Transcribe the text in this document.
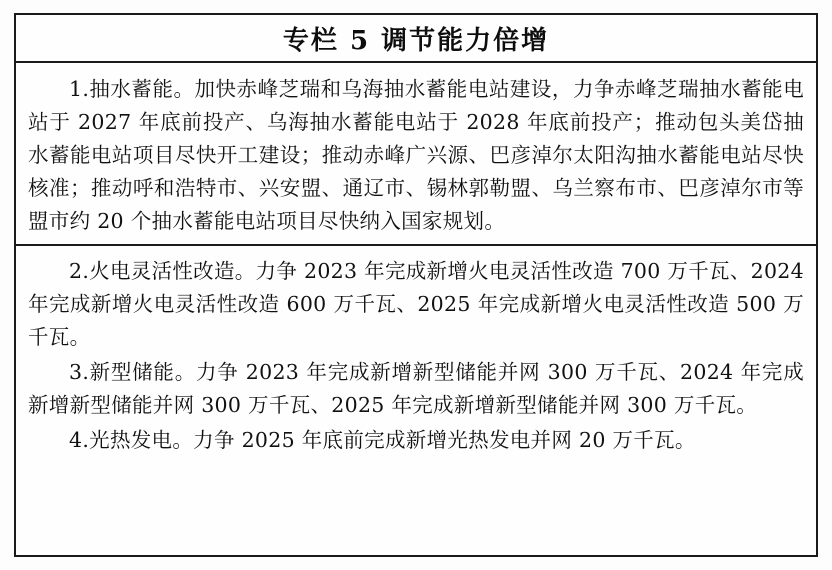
专栏 5 调节能力倍增

1.抽水蓄能。加快赤峰芝瑞和乌海抽水蓄能电站建设，力争赤峰芝瑞抽水蓄能电站于 2027 年底前投产、乌海抽水蓄能电站于 2028 年底前投产；推动包头美岱抽水蓄能电站项目尽快开工建设；推动赤峰广兴源、巴彦淖尔太阳沟抽水蓄能电站尽快核准；推动呼和浩特市、兴安盟、通辽市、锡林郭勒盟、乌兰察布市、巴彦淖尔市等盟市约 20 个抽水蓄能电站项目尽快纳入国家规划。

2.火电灵活性改造。力争 2023 年完成新增火电灵活性改造 700 万千瓦、2024 年完成新增火电灵活性改造 600 万千瓦、2025 年完成新增火电灵活性改造 500 万千瓦。

3.新型储能。力争 2023 年完成新增新型储能并网 300 万千瓦、2024 年完成新增新型储能并网 300 万千瓦、2025 年完成新增新型储能并网 300 万千瓦。

4.光热发电。力争 2025 年底前完成新增光热发电并网 20 万千瓦。
